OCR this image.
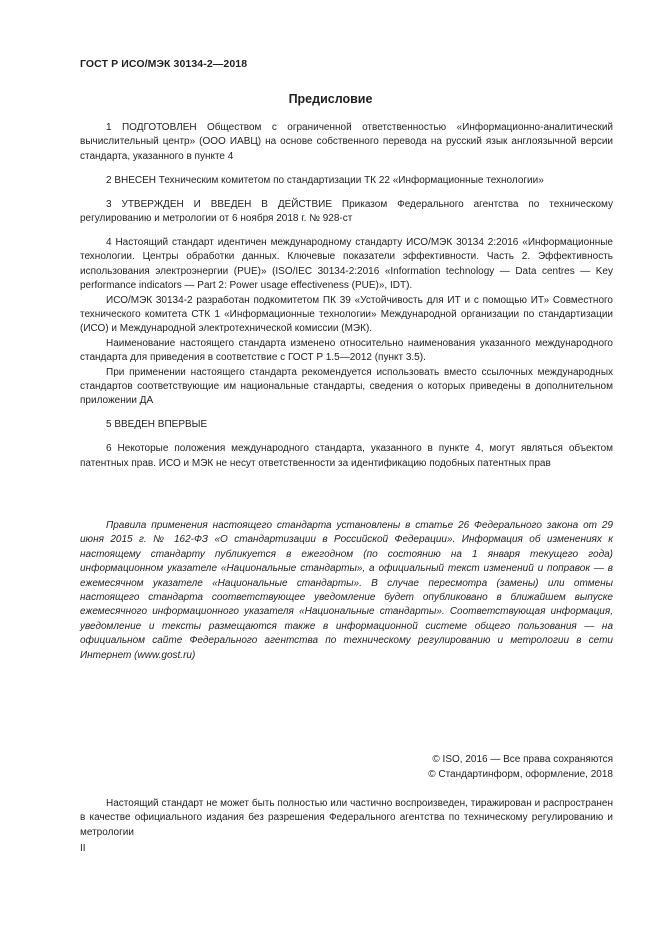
ГОСТ Р ИСО/МЭК 30134-2—2018
Предисловие

1 ПОДГОТОВЛЕН Обществом с ограниченной ответственностью «Информационно-аналитический вычислительный центр» (ООО ИАВЦ) на основе собственного перевода на русский язык англоязычной версии стандарта, указанного в пункте 4

2 ВНЕСЕН Техническим комитетом по стандартизации ТК 22 «Информационные технологии»

3 УТВЕРЖДЕН И ВВЕДЕН В ДЕЙСТВИЕ Приказом Федерального агентства по техническому регулированию и метрологии от 6 ноября 2018 г. № 928-ст

4 Настоящий стандарт идентичен международному стандарту ИСО/МЭК 30134 2:2016 «Информационные технологии. Центры обработки данных. Ключевые показатели эффективности. Часть 2. Эффективность использования электроэнергии (PUE)» (ISO/IEC 30134-2:2016 «Information technology — Data centres — Key performance indicators — Part 2: Power usage effectiveness (PUE)», IDT).

ИСО/МЭК 30134-2 разработан подкомитетом ПК 39 «Устойчивость для ИТ и с помощью ИТ» Совместного технического комитета СТК 1 «Информационные технологии» Международной организации по стандартизации (ИСО) и Международной электротехнической комиссии (МЭК).

Наименование настоящего стандарта изменено относительно наименования указанного международного стандарта для приведения в соответствие с ГОСТ Р 1.5—2012 (пункт 3.5).

При применении настоящего стандарта рекомендуется использовать вместо ссылочных международных стандартов соответствующие им национальные стандарты, сведения о которых приведены в дополнительном приложении ДА

5 ВВЕДЕН ВПЕРВЫЕ

6 Некоторые положения международного стандарта, указанного в пункте 4, могут являться объектом патентных прав. ИСО и МЭК не несут ответственности за идентификацию подобных патентных прав

Правила применения настоящего стандарта установлены в статье 26 Федерального закона от 29 июня 2015 г. № 162-ФЗ «О стандартизации в Российской Федерации». Информация об изменениях к настоящему стандарту публикуется в ежегодном (по состоянию на 1 января текущего года) информационном указателе «Национальные стандарты», а официальный текст изменений и поправок — в ежемесячном указателе «Национальные стандарты». В случае пересмотра (замены) или отмены настоящего стандарта соответствующее уведомление будет опубликовано в ближайшем выпуске ежемесячного информационного указателя «Национальные стандарты». Соответствующая информация, уведомление и тексты размещаются также в информационной системе общего пользования — на официальном сайте Федерального агентства по техническому регулированию и метрологии в сети Интернет (www.gost.ru)

© ISO, 2016 — Все права сохраняются
© Стандартинформ, оформление, 2018

Настоящий стандарт не может быть полностью или частично воспроизведен, тиражирован и распространен в качестве официального издания без разрешения Федерального агентства по техническому регулированию и метрологии

II
